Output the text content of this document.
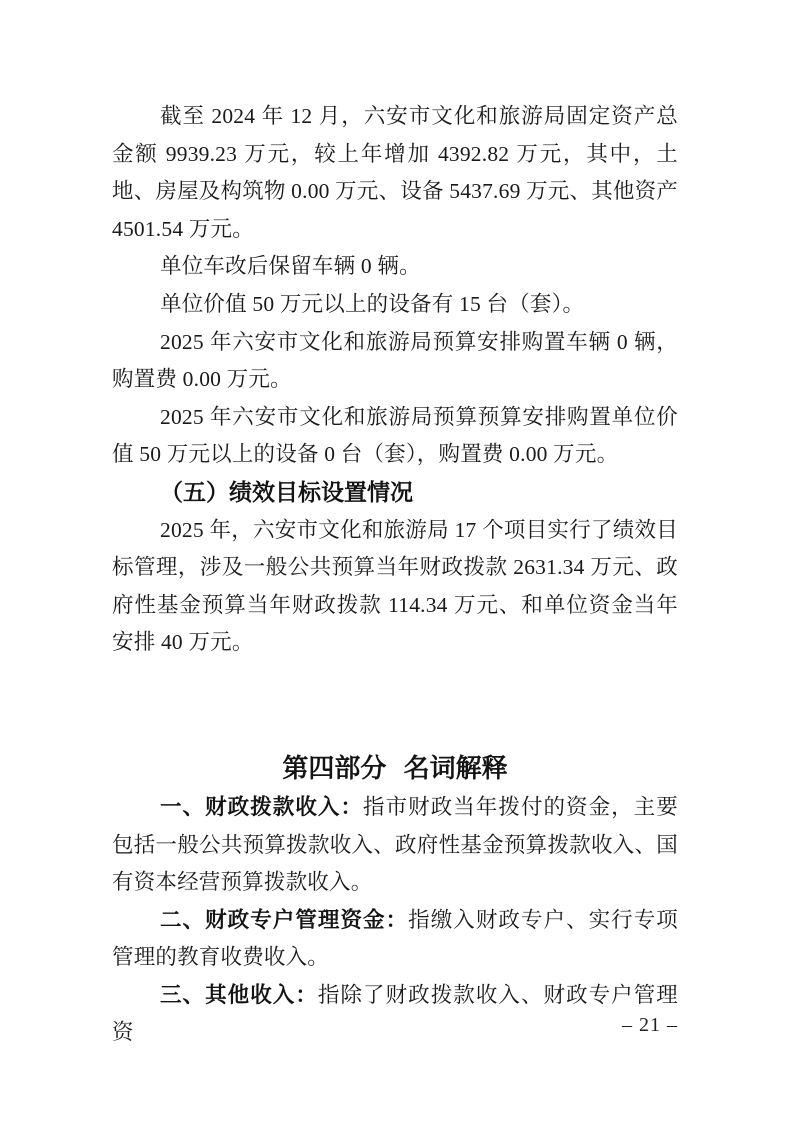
截至 2024 年 12 月，六安市文化和旅游局固定资产总金额 9939.23 万元，较上年增加 4392.82 万元，其中，土地、房屋及构筑物 0.00 万元、设备 5437.69 万元、其他资产 4501.54 万元。

单位车改后保留车辆 0 辆。

单位价值 50 万元以上的设备有 15 台（套）。

2025 年六安市文化和旅游局预算安排购置车辆 0 辆，购置费 0.00 万元。

2025 年六安市文化和旅游局预算预算安排购置单位价值 50 万元以上的设备 0 台（套），购置费 0.00 万元。

（五）绩效目标设置情况

2025 年，六安市文化和旅游局 17 个项目实行了绩效目标管理，涉及一般公共预算当年财政拨款 2631.34 万元、政府性基金预算当年财政拨款 114.34 万元、和单位资金当年安排 40 万元。

第四部分 名词解释

一、财政拨款收入：指市财政当年拨付的资金，主要包括一般公共预算拨款收入、政府性基金预算拨款收入、国有资本经营预算拨款收入。

二、财政专户管理资金：指缴入财政专户、实行专项管理的教育收费收入。

三、其他收入：指除了财政拨款收入、财政专户管理资	– 21 –
